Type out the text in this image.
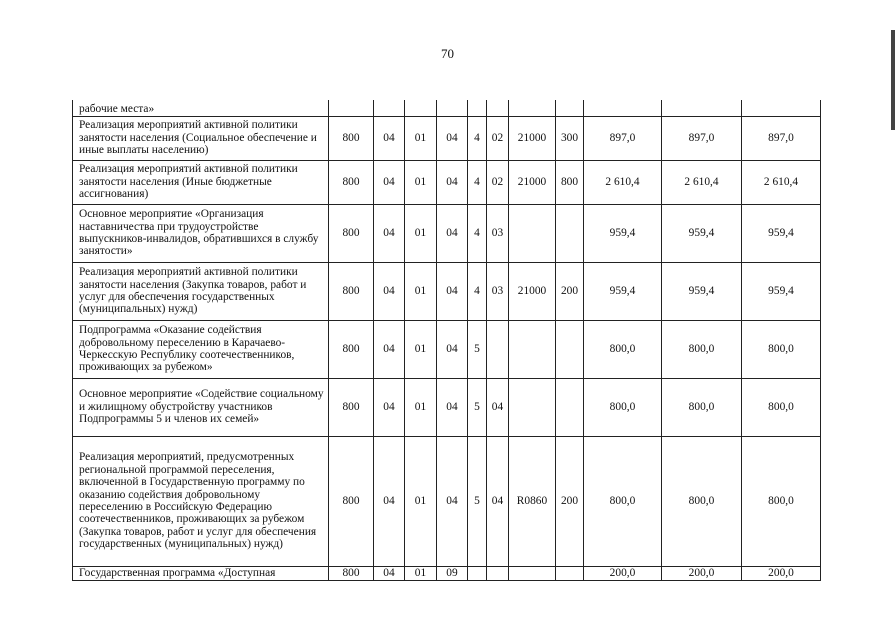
70
рабочие места»											
Реализация мероприятий активной политики занятости населения (Социальное обеспечение и иные выплаты населению)	800	04	01	04	4	02	21000	300	897,0	897,0	897,0
Реализация мероприятий активной политики занятости населения (Иные бюджетные ассигнования)	800	04	01	04	4	02	21000	800	2 610,4	2 610,4	2 610,4
Основное мероприятие «Организация наставничества при трудоустройстве выпускников-инвалидов, обратившихся в службу занятости»	800	04	01	04	4	03			959,4	959,4	959,4
Реализация мероприятий активной политики занятости населения (Закупка товаров, работ и услуг для обеспечения государственных (муниципальных) нужд)	800	04	01	04	4	03	21000	200	959,4	959,4	959,4
Подпрограмма «Оказание содействия добровольному переселению в Карачаево-Черкесскую Республику соотечественников, проживающих за рубежом»	800	04	01	04	5				800,0	800,0	800,0
Основное мероприятие «Содействие социальному и жилищному обустройству участников Подпрограммы 5 и членов их семей»	800	04	01	04	5	04			800,0	800,0	800,0
Реализация мероприятий, предусмотренных региональной программой переселения, включенной в Государственную программу по оказанию содействия добровольному переселению в Российскую Федерацию соотечественников, проживающих за рубежом (Закупка товаров, работ и услуг для обеспечения государственных (муниципальных) нужд)	800	04	01	04	5	04	R0860	200	800,0	800,0	800,0
Государственная программа «Доступная	800	04	01	09					200,0	200,0	200,0
